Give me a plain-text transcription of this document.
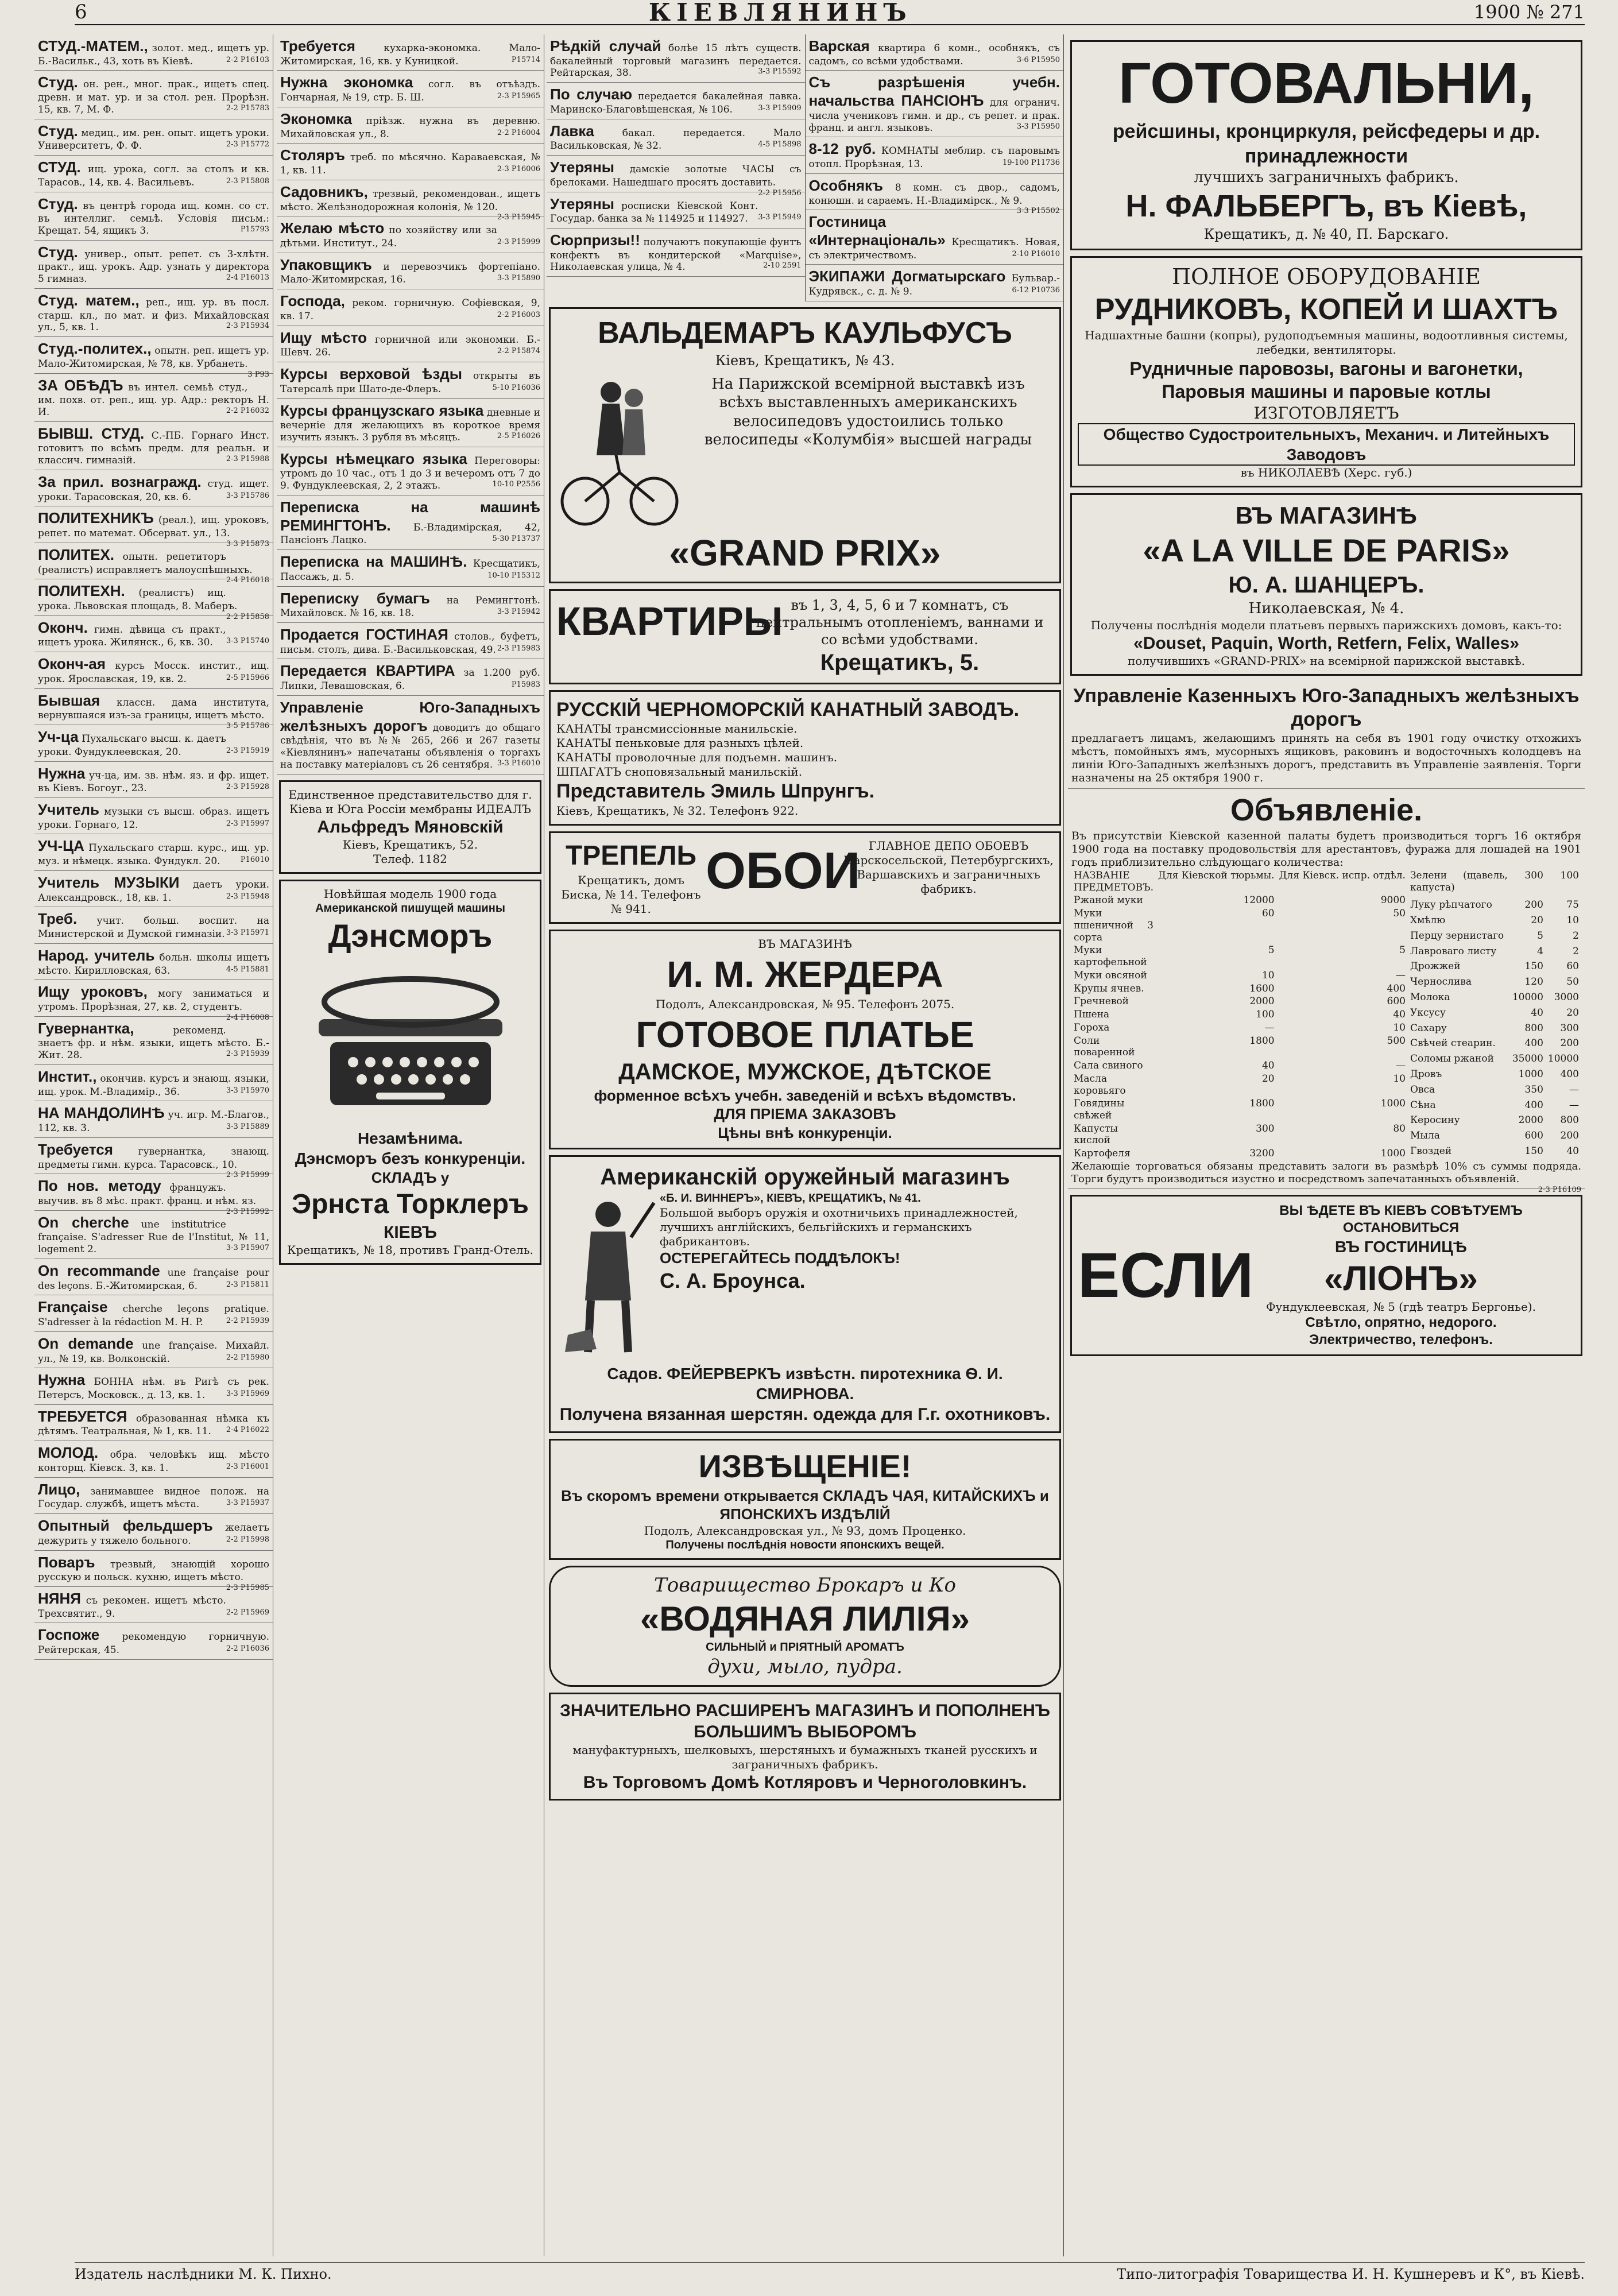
6	КІЕВЛЯНИНЪ	1900 № 271
СТУД.-МАТЕМ., золот. мед., ищетъ ур. Б.-Васильк., 43, хоть въ Кіевѣ.	2-2 Р16103
Студ. он. рен., мног. прак., ищетъ спец. древн. и мат. ур. и за стол. рен. Прорѣзн. 15, кв. 7, М. Ф.	2-2 Р15783
Студ. медиц., им. рен. опыт. ищетъ уроки. Университетъ, Ф. Ф.	2-3 Р15772
СТУД. ищ. урока, согл. за столъ и кв. Тарасов., 14, кв. 4. Васильевъ.	2-3 Р15808
Студ. въ центрѣ города ищ. комн. со ст. въ интеллиг. семьѣ. Условія письм.: Крещат. 54, ящикъ 3.	Р15793
Студ. универ., опыт. репет. съ 3-хлѣтн. практ., ищ. урокъ. Адр. узнать у директора 5 гимназ.	2-4 Р16013
Студ. матем., реп., ищ. ур. въ посл. старш. кл., по мат. и физ. Михайловская ул., 5, кв. 1.	2-3 Р15934
Студ.-политех., опытн. реп. ищетъ ур. Мало-Житомирская, № 78, кв. Урбанеть.
3 Р93
ЗА ОБѢДЪ въ интел. семьѣ студ., им. похв. от. реп., ищ. ур. Адр.: ректоръ Н. И.	2-2 Р16032
БЫВШ. СТУД. С.-ПБ. Горнаго Инст. готовитъ по всѣмъ предм. для реальн. и классич. гимназій.	2-3 Р15988
За прил. вознагражд. студ. ищет. уроки. Тарасовская, 20, кв. 6.	3-3 Р15786
ПОЛИТЕХНИКЪ (реал.), ищ. уроковъ, репет. по математ. Обсерват. ул., 13.
3-3 Р15873
ПОЛИТЕХ. опытн. репетиторъ (реалистъ) исправляетъ малоуспѣшныхъ.
2-4 Р16018
ПОЛИТЕХН. (реалистъ) ищ. урока. Львовская площадь, 8. Маберъ.
2-2 Р15858
Оконч. гимн. дѣвица съ практ., ищетъ урока. Жилянск., 6, кв. 30. 3-3 Р15740
Оконч-ая курсъ Мосск. инстит., ищ. урок. Ярославская, 19, кв. 2.	2-5 Р15966
Бывшая классн. дама института, вернувшаяся изъ-за границы, ищетъ мѣсто.
3-5 Р15786
Уч-ца Пухальскаго высш. к. даетъ уроки. Фундуклеевская, 20.	2-3 Р15919
Нужна уч-ца, им. зв. нѣм. яз. и фр. ищет. въ Кіевъ. Богоуг., 23.	2-3 Р15928
Учитель музыки съ высш. образ. ищетъ уроки. Горнаго, 12.	2-3 Р15997
УЧ-ЦА Пухальскаго старш. курс., ищ. ур. муз. и нѣмецк. языка. Фундукл. 20.	Р16010
Учитель МУЗЫКИ даетъ уроки. Александровск., 18, кв. 1.	2-3 Р15948
Треб. учит. больш. воспит. на Министерской и Думской гимназіи. 3-3 Р15971
Народ. учитель больн. школы ищетъ мѣсто. Кирилловская, 63.	4-5 Р15881
Ищу уроковъ, могу заниматься и утромъ. Прорѣзная, 27, кв. 2, студентъ.
2-4 Р16008
Гувернантка,	рекоменд. знаетъ фр. и нѣм. языки, ищетъ мѣсто. Б.-Жит. 28.	2-3 Р15939
Инстит., окончив. курсъ и знающ. языки, ищ. урок. М.-Владимір., 36.	3-3 Р15970
НА МАНДОЛИНѢ уч. игр. М.-Благов., 112, кв. 3.	3-3 Р15889
Требуется	гувернантка, знающ. предметы гимн. курса. Тарасовск., 10.
2-3 Р15999
По нов. методу францужъ. выучив. въ 8 мѣс. практ. франц. и нѣм. яз.
2-3 Р15992
On cherche une institutrice française. S'adresser Rue de l'Institut, № 11, logement 2.	3-3 Р15907
On recommande une française pour des leçons. Б.-Житомирская, 6.	2-3 Р15811
Française cherche leçons pratique. S'adresser à la rédaction M. H. P.	2-2 Р15939
On demande une française. Михайл. ул., № 19, кв. Волконскій.	2-2 Р15980
Нужна БОННА нѣм. въ Ригѣ съ рек. Петерсъ, Московск., д. 13, кв. 1.	3-3 Р15969
ТРЕБУЕТСЯ образованная нѣмка къ дѣтямъ. Театральная, № 1, кв. 11. 2-4 Р16022
МОЛОД. обра. человѣкъ ищ. мѣсто конторщ. Кіевск. 3, кв. 1.	2-3 Р16001
Лицо, занимавшее видное полож. на Государ. службѣ, ищетъ мѣста.	3-3 Р15937
Опытный фельдшеръ желаетъ дежурить у тяжело больного.	2-2 Р15998
Поваръ трезвый, знающій хорошо русскую и польск. кухню, ищетъ мѣсто.
2-3 Р15985
НЯНЯ съ рекомен. ищетъ мѣсто. Трехсвятит., 9.	2-2 Р15969
Госпоже рекомендую горничную. Рейтерская, 45.	2-2 Р16036
Требуется	кухарка-экономка. Мало-Житомирская, 16, кв. у Куницкой.	Р15714
Нужна экономка согл. въ отъѣздъ. Гончарная, № 19, стр. Б. Ш.	2-3 Р15965
Экономка пріѣзж. нужна въ деревню. Михайловская ул., 8.	2-2 Р16004
Столяръ треб. по мѣсячно. Караваевская, № 1, кв. 11.	2-3 Р16006
Садовникъ, трезвый, рекомендован., ищетъ мѣсто. Желѣзнодорожная колонія, № 120.
2-3 Р15945
Желаю мѣсто по хозяйству или за дѣтьми. Институт., 24.	2-3 Р15999
Упаковщикъ и перевозчикъ фортепіано. Мало-Житомирская, 16.	3-3 Р15890
Господа, реком. горничную. Софіевская, 9, кв. 17.	2-2 Р16003
Ищу мѣсто горничной или экономки. Б.-Шевч. 26.	2-2 Р15874
Курсы верховой ѣзды открыты въ Татерсалѣ при Шато-де-Флеръ.	5-10 Р16036
Курсы французскаго языка дневные и вечерніе для желающихъ въ короткое время изучить языкъ. 3 рубля въ мѣсяцъ.	2-5 Р16026
Курсы нѣмецкаго языка Переговоры: утромъ до 10 час., отъ 1 до 3 и вечеромъ отъ 7 до 9. Фундуклеевская, 2, 2 этажъ.	10-10 Р2556
Переписка на машинѣ РЕМИНГТОНЪ. Б.-Владимірская, 42, Пансіонъ Лацко.	5-30 Р13737
Переписка на МАШИНѢ. Кресщатикъ, Пассажъ, д. 5.	10-10 Р15312
Переписку бумагъ на Ремингтонѣ. Михайловск. № 16, кв. 18.	3-3 Р15942
Продается ГОСТИНАЯ столов., буфетъ, письм. столъ, дива. Б.-Васильковская, 49. 2-3 Р15983
Передается КВАРТИРА за 1.200 руб. Липки, Левашовская, 6.	Р15983
Управленіе Юго-Западныхъ желѣзныхъ дорогъ доводитъ до общаго свѣдѣнія, что въ №№ 265, 266 и 267 газеты «Кіевлянинъ» напечатаны объявленія о торгахъ на поставку матеріаловъ съ 26 сентября. 3-3 Р16010
Единственное представительство для г. Кіева и Юга Россіи мембраны ИДЕАЛЪ
Альфредъ Мяновскій
Кіевъ, Крещатикъ, 52.
Телеф. 1182
Новѣйшая модель 1900 года
Американской пишущей машины
Дэнсморъ
Незамѣнима.
Дэнсморъ безъ конкуренціи.
СКЛАДЪ у
Эрнста Торклеръ
КІЕВЪ
Крещатикъ, № 18, противъ Гранд-Отель.
Рѣдкій случай болѣе 15 лѣтъ существ. бакалейный торговый магазинъ передается. Рейтарская, 38.	3-3 Р15592
По случаю передается бакалейная лавка. Маринско-Благовѣщенская, № 106.	3-3 Р15909
Лавка	бакал. передается. Мало Васильковская, № 32.	4-5 Р15898
Утеряны дамскіе золотые ЧАСЫ съ брелоками. Нашедшаго просятъ доставить.
2-2 Р15956
Утеряны росписки Кіевской Конт. Государ. банка за № 114925 и 114927. 3-3 Р15949
Сюрпризы!! получаютъ покупающіе фунтъ конфектъ въ кондитерской «Marquise», Николаевская улица, № 4.	2-10 2591
Варская квартира 6 комн., особнякъ, съ садомъ, со всѣми удобствами.	3-6 Р15950
Съ разрѣшенія учебн. начальства ПАНСІОНЪ для огранич. числа учениковъ гимн. и др., съ репет. и прак. франц. и англ. языковъ.	3-3 Р15950
8-12 руб. КОМНАТЫ меблир. съ паровымъ отопл. Прорѣзная, 13.	19-100 Р11736
Особнякъ 8 комн. съ двор., садомъ, конюшн. и сараемъ. Н.-Владимірск., № 9.
3-3 Р15502
Гостиница «Интернаціональ» Кресщатикъ. Новая, съ электричествомъ.	2-10 Р16010
ЭКИПАЖИ Догматырскаго Бульвар.-Кудрявск., с. д. № 9.	6-12 Р10736
ВАЛЬДЕМАРЪ КАУЛЬФУСЪ
Кіевъ, Крещатикъ, № 43.
На Парижской всемірной выставкѣ изъ всѣхъ выставленныхъ американскихъ велосипедовъ удостоились только велосипеды «Колумбія» высшей награды
«GRAND PRIX»
КВАРТИРЫ въ 1, 3, 4, 5, 6 и 7 комнатъ, съ центральнымъ отопленіемъ, ваннами и со всѣми удобствами.
Крещатикъ, 5.
РУССКІЙ ЧЕРНОМОРСКІЙ КАНАТНЫЙ ЗАВОДЪ.
КАНАТЫ трансмиссіонные манильскіе.
КАНАТЫ пеньковые для разныхъ цѣлей.
КАНАТЫ проволочные для подъемн. машинъ.
ШПАГАТЪ сноповязальный манильскій.
Представитель Эмиль Шпрунгъ.
Кіевъ, Крещатикъ, № 32. Телефонъ 922.
ТРЕПЕЛЬ
Крещатикъ, домъ Биска, № 14. Телефонъ № 941.
ОБОИ ГЛАВНОЕ ДЕПО ОБОЕВЪ Царскосельской, Петербургскихъ, Варшавскихъ и заграничныхъ фабрикъ.
ВЪ МАГАЗИНѢ
И. М. ЖЕРДЕРА
Подолъ, Александровская, № 95. Телефонъ 2075.
ГОТОВОЕ ПЛАТЬЕ
ДАМСКОЕ, МУЖСКОЕ, ДѢТСКОЕ
форменное всѣхъ учебн. заведеній и всѣхъ вѣдомствъ.
ДЛЯ ПРІЕМА ЗАКАЗОВЪ
Цѣны внѣ конкуренціи.
Американскій оружейный магазинъ
«Б. И. ВИННЕРЪ», КІЕВЪ, КРЕЩАТИКЪ, № 41.
Большой выборъ оружія и охотничьихъ принадлежностей, лучшихъ англійскихъ, бельгійскихъ и германскихъ фабрикантовъ.
ОСТЕРЕГАЙТЕСЬ ПОДДѢЛОКЪ!
С. А. Броунса.
Садов. ФЕЙЕРВЕРКЪ извѣстн. пиротехника Ѳ. И. СМИРНОВА.
Получена вязанная шерстян. одежда для Г.г. охотниковъ.
ИЗВѢЩЕНІЕ!
Въ скоромъ времени открывается СКЛАДЪ ЧАЯ, КИТАЙСКИХЪ и ЯПОНСКИХЪ ИЗДѢЛІЙ
Подолъ, Александровская ул., № 93, домъ Проценко.
Получены послѣднія новости японскихъ вещей.
Товарищество Брокаръ и Ко
«ВОДЯНАЯ ЛИЛІЯ»
СИЛЬНЫЙ и ПРІЯТНЫЙ АРОМАТЪ
духи, мыло, пудра.
ЗНАЧИТЕЛЬНО РАСШИРЕНЪ МАГАЗИНЪ И ПОПОЛНЕНЪ БОЛЬШИМЪ ВЫБОРОМЪ
мануфактурныхъ, шелковыхъ, шерстяныхъ и бумажныхъ тканей русскихъ и заграничныхъ фабрикъ.
Въ Торговомъ Домѣ Котляровъ и Черноголовкинъ.
ГОТОВАЛЬНИ,
рейсшины, кронциркуля, рейсфедеры и др. принадлежности
лучшихъ заграничныхъ фабрикъ.
Н. ФАЛЬБЕРГЪ, въ Кіевѣ,
Крещатикъ, д. № 40, П. Барскаго.
ПОЛНОЕ ОБОРУДОВАНІЕ
РУДНИКОВЪ, КОПЕЙ И ШАХТЪ
Надшахтные башни (копры), рудоподъемныя машины, водоотливныя системы, лебедки, вентиляторы.
Рудничные паровозы, вагоны и вагонетки,
Паровыя машины и паровые котлы
ИЗГОТОВЛЯЕТЪ
Общество Судостроительныхъ, Механич. и Литейныхъ Заводовъ
въ НИКОЛАЕВѢ (Херс. губ.)
ВЪ МАГАЗИНѢ
«A LA VILLE DE PARIS»
Ю. А. ШАНЦЕРЪ.
Николаевская, № 4.
Получены послѣднія модели платьевъ первыхъ парижскихъ домовъ, какъ-то:
«Douset, Paquin, Worth, Retfern, Felix, Walles»
получившихъ «GRAND-PRIX» на всемірной парижской выставкѣ.
Управленіе Казенныхъ Юго-Западныхъ желѣзныхъ дорогъ
предлагаетъ лицамъ, желающимъ принять на себя въ 1901 году очистку отхожихъ мѣстъ, помойныхъ ямъ, мусорныхъ ящиковъ, раковинъ и водосточныхъ колодцевъ на линіи Юго-Западныхъ желѣзныхъ дорогъ, представить въ Управленіе заявленія. Торги назначены на 25 октября 1900 г.
Объявленіе.
Въ присутствіи Кіевской казенной палаты будетъ производиться торгъ 16 октября 1900 года на поставку продовольствія для арестантовъ, фуража для лошадей на 1901 годъ приблизительно слѣдующаго количества:
НАЗВАНІЕ ПРЕДМЕТОВЪ.	Для Кіевской тюрьмы.	Для Кіевск. испр. отдѣл.
Ржаной муки	12000	9000
Муки пшеничной 3 сорта	60	50
Муки картофельной	5	5
Муки овсяной	10	—
Крупы ячнев.	1600	400
Гречневой	2000	600
Пшена	100	40
Гороха	—	10
Соли поваренной	1800	500
Сала свиного	40	—
Масла коровьяго	20	10
Говядины свѣжей	1800	1000
Капусты кислой	300	80
Картофеля	3200	1000
Зелени (щавель, капуста)	300	100
Луку рѣпчатого	200	75
Хмѣлю	20	10
Перцу зернистаго	5	2
Лавроваго листу	4	2
Дрожжей	150	60
Чернослива	120	50
Молока	10000	3000
Уксусу	40	20
Сахару	800	300
Свѣчей стеарин.	400	200
Соломы ржаной	35000	10000
Дровъ	1000	400
Овса	350	—
Сѣна	400	—
Керосину	2000	800
Мыла	600	200
Гвоздей	150	40
Желающіе торговаться обязаны представить залоги въ размѣрѣ 10% съ суммы подряда. Торги будутъ производиться изустно и посредствомъ запечатанныхъ объявленій.
2-3 Р16109
ЕСЛИ
ВЫ ѢДЕТЕ ВЪ КІЕВЪ СОВѢТУЕМЪ ОСТАНОВИТЬСЯ
ВЪ ГОСТИНИЦѢ
«ЛІОНЪ»
Фундуклеевская, № 5 (гдѣ театръ Бергонье).
Свѣтло, опрятно, недорого.
Электричество, телефонъ.
Издатель наслѣдники М. К. Пихно.	Типо-литографія Товарищества И. Н. Кушнеревъ и К°, въ Кіевѣ.
